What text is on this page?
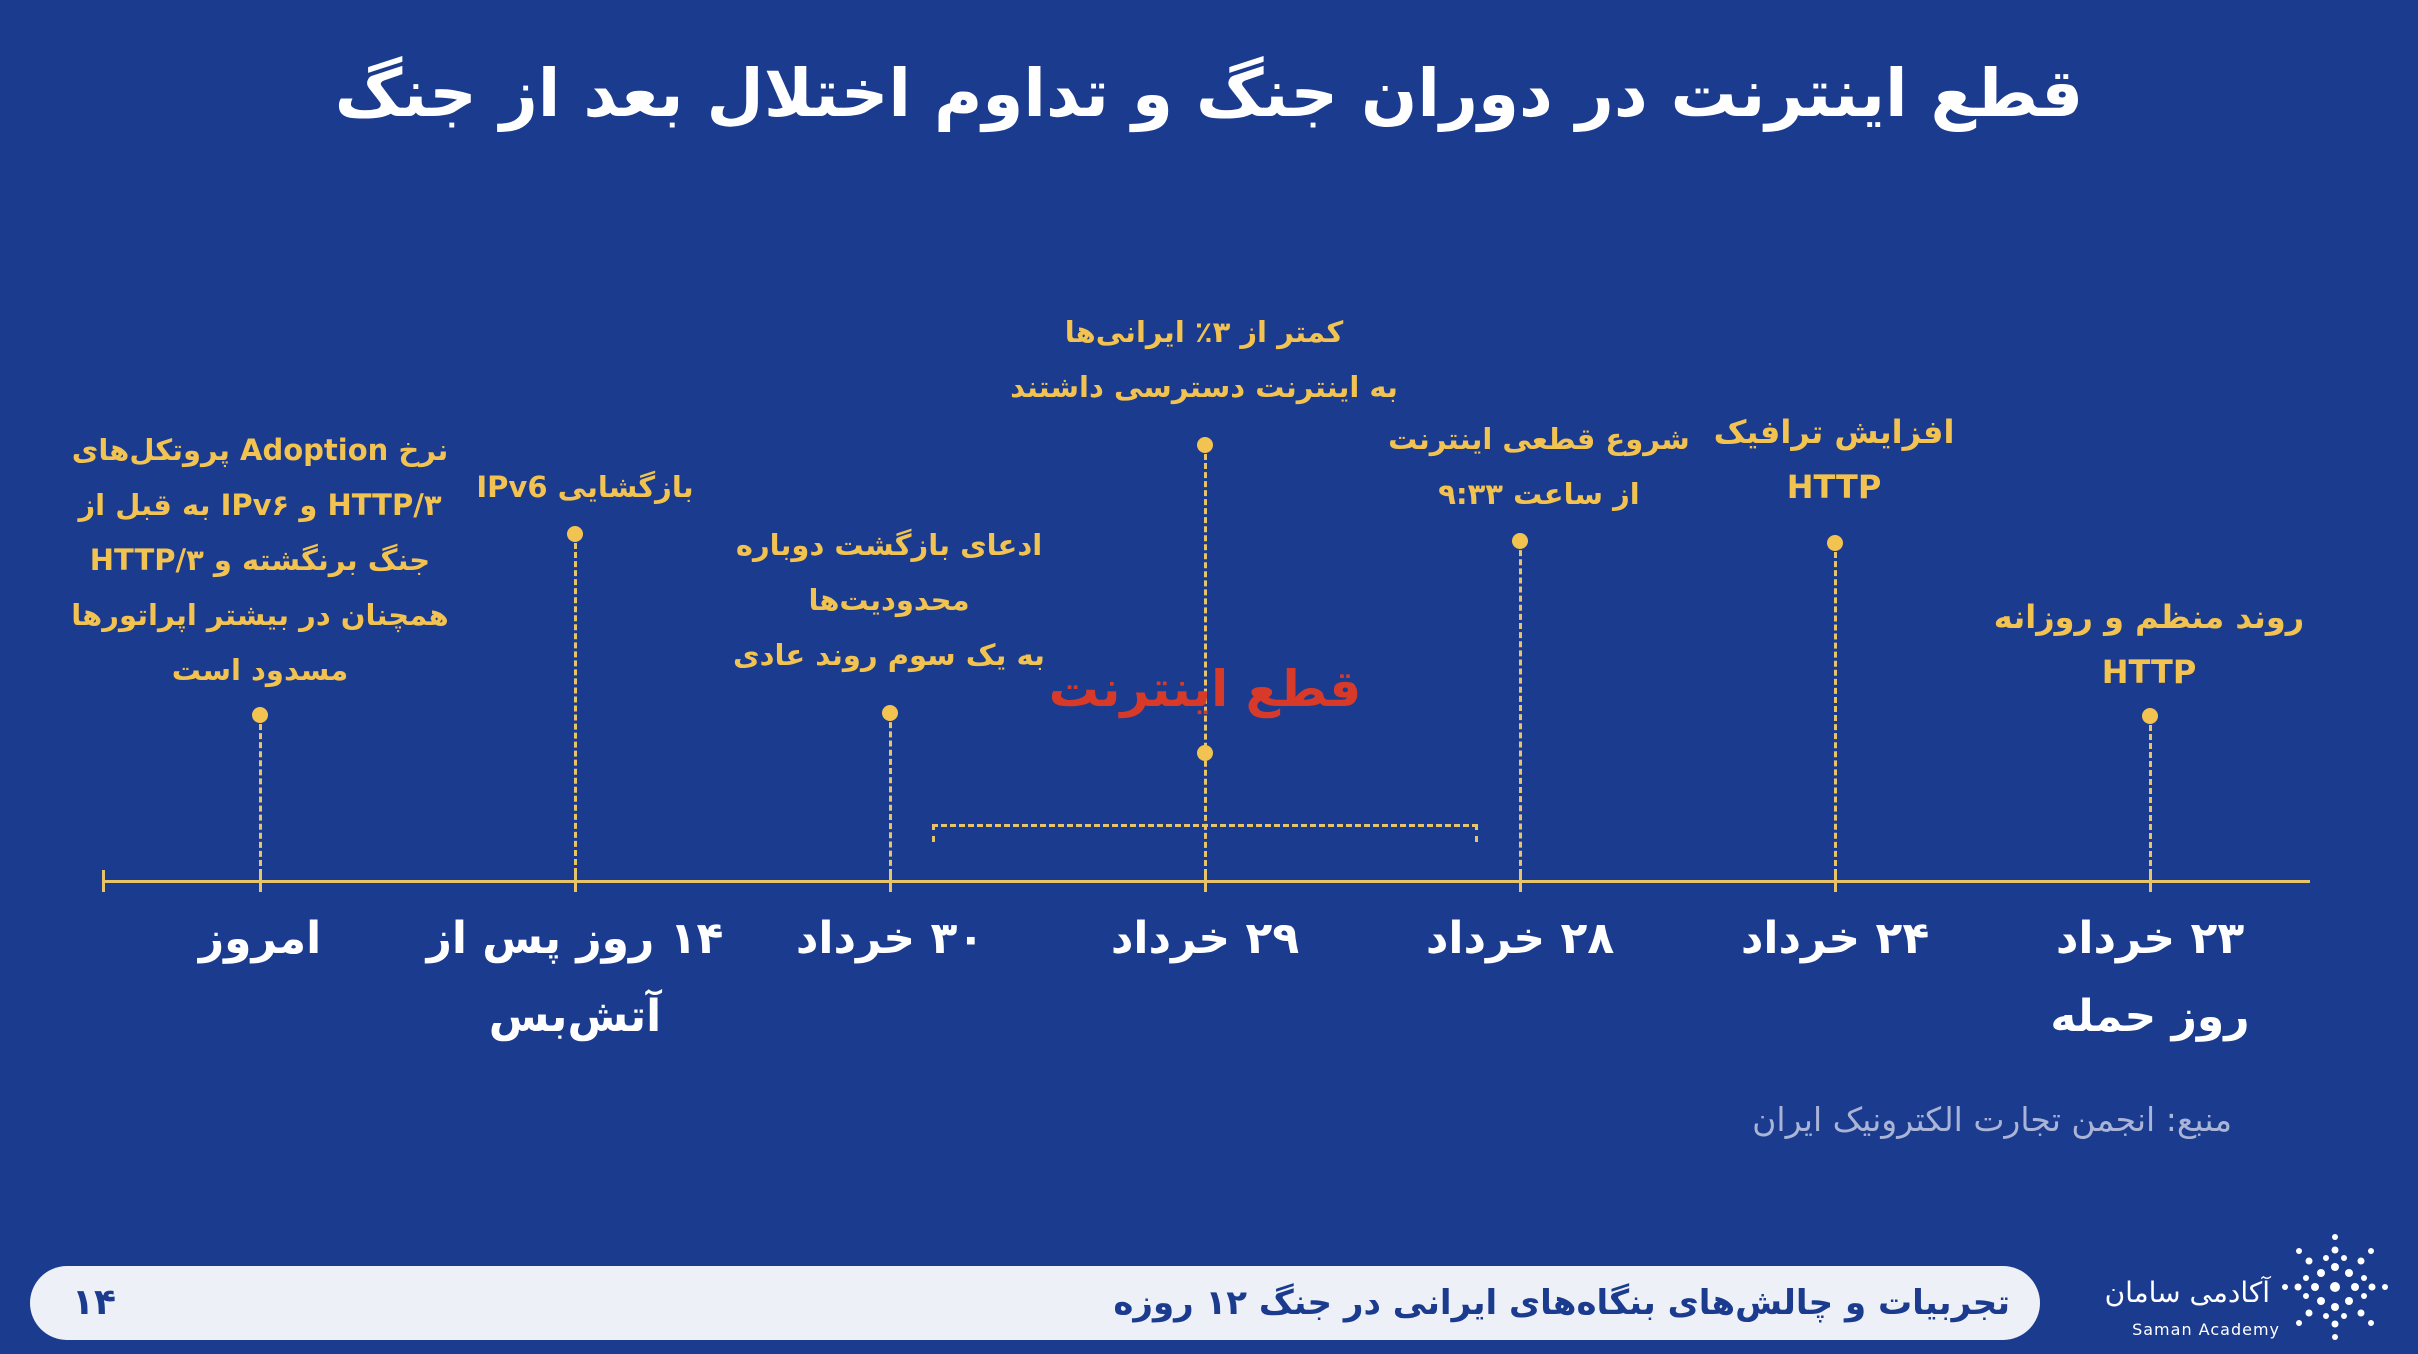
قطع اینترنت در دوران جنگ و تداوم اختلال بعد از جنگ
قطع اینترنت
نرخ Adoption پروتکل‌های
HTTP/۳ و IPv۶ به قبل از
جنگ برنگشته و HTTP/۳
همچنان در بیشتر اپراتورها
مسدود است
بازگشایی IPv6
ادعای بازگشت دوباره
محدودیت‌ها
به یک سوم روند عادی
کمتر از ۳٪ ایرانی‌ها
به اینترنت دسترسی داشتند
شروع قطعی اینترنت
از ساعت ۹:۳۳
افزایش ترافیک
HTTP
روند منظم و روزانه
HTTP
امروز	۱۴ روز پس از
آتش‌بس
۳۰ خرداد	۲۹ خرداد	۲۸ خرداد	۲۴ خرداد	۲۳ خرداد
روز حمله
منبع: انجمن تجارت الکترونیک ایران
تجربیات و چالش‌های بنگاه‌های ایرانی در جنگ ۱۲ روزه
۱۴	آکادمی سامان
Saman Academy
